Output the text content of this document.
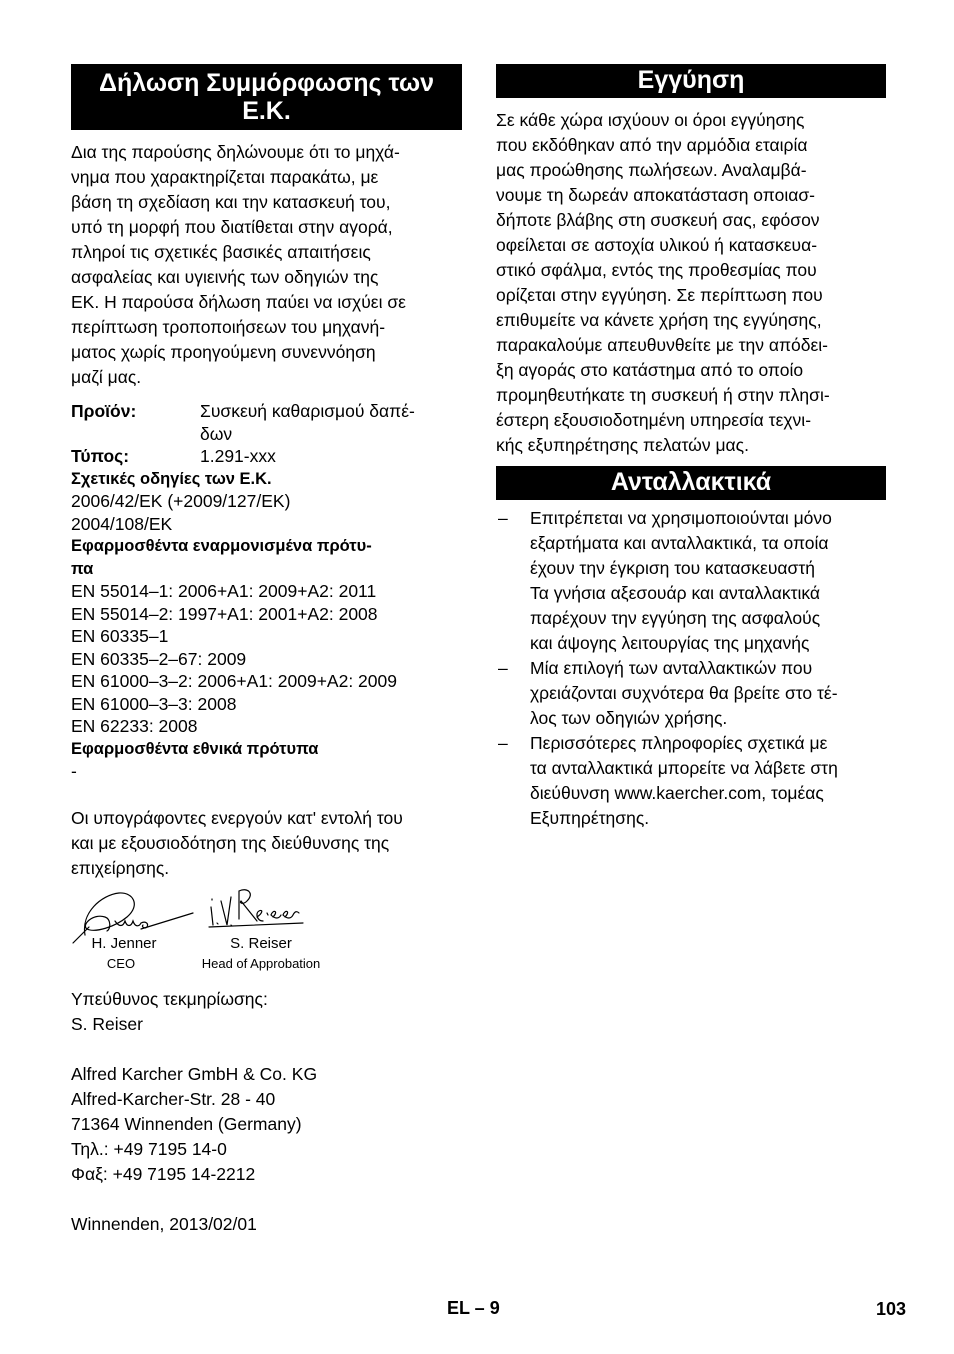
Δήλωση Συμμόρφωσης των Ε.Κ.

Δια της παρούσης δηλώνουμε ότι το μηχά-
νημα που χαρακτηρίζεται παρακάτω, με
βάση τη σχεδίαση και την κατασκευή του,
υπό τη μορφή που διατίθεται στην αγορά,
πληροί τις σχετικές βασικές απαιτήσεις
ασφαλείας και υγιεινής των οδηγιών της
ΕΚ. Η παρούσα δήλωση παύει να ισχύει σε
περίπτωση τροποποιήσεων του μηχανή-
ματος χωρίς προηγούμενη συνεννόηση
μαζί μας.

Προϊόν:	Συσκευή καθαρισμού δαπέ-
δων
Τύπος:	1.291-xxx
Σχετικές οδηγίες των Ε.Κ.
2006/42/ΕΚ (+2009/127/ΕΚ)
2004/108/ΕΚ
Εφαρμοσθέντα εναρμονισμένα πρότυ-
πα
EN 55014–1: 2006+A1: 2009+A2: 2011
EN 55014–2: 1997+A1: 2001+A2: 2008
EN 60335–1
EN 60335–2–67: 2009
EN 61000–3–2: 2006+A1: 2009+A2: 2009
EN 61000–3–3: 2008
EN 62233: 2008
Εφαρμοσθέντα εθνικά πρότυπα
-

Οι υπογράφοντες ενεργούν κατ' εντολή του
και με εξουσιοδότηση της διεύθυνσης της
επιχείρησης.

H. Jenner
CEO
S. Reiser
Head of Approbation
Υπεύθυνος τεκμηρίωσης:
S. Reiser
Alfred Karcher GmbH & Co. KG
Alfred-Karcher-Str. 28 - 40
71364 Winnenden (Germany)
Τηλ.: +49 7195 14-0
Φαξ: +49 7195 14-2212
Winnenden, 2013/02/01
Εγγύηση

Σε κάθε χώρα ισχύουν οι όροι εγγύησης
που εκδόθηκαν από την αρμόδια εταιρία
μας προώθησης πωλήσεων. Αναλαμβά-
νουμε τη δωρεάν αποκατάσταση οποιασ-
δήποτε βλάβης στη συσκευή σας, εφόσον
οφείλεται σε αστοχία υλικού ή κατασκευα-
στικό σφάλμα, εντός της προθεσμίας που
ορίζεται στην εγγύηση. Σε περίπτωση που
επιθυμείτε να κάνετε χρήση της εγγύησης,
παρακαλούμε απευθυνθείτε με την απόδει-
ξη αγοράς στο κατάστημα από το οποίο
προμηθευτήκατε τη συσκευή ή στην πλησι-
έστερη εξουσιοδοτημένη υπηρεσία τεχνι-
κής εξυπηρέτησης πελατών μας.

Ανταλλακτικά
–	Επιτρέπεται να χρησιμοποιούνται μόνο
εξαρτήματα και ανταλλακτικά, τα οποία
έχουν την έγκριση του κατασκευαστή
Τα γνήσια αξεσουάρ και ανταλλακτικά
παρέχουν την εγγύηση της ασφαλούς
και άψογης λειτουργίας της μηχανής
–	Μία επιλογή των ανταλλακτικών που
χρειάζονται συχνότερα θα βρείτε στο τέ-
λος των οδηγιών χρήσης.
–	Περισσότερες πληροφορίες σχετικά με
τα ανταλλακτικά μπορείτε να λάβετε στη
διεύθυνση www.kaercher.com, τομέας
Εξυπηρέτησης.
EL – 9	103
